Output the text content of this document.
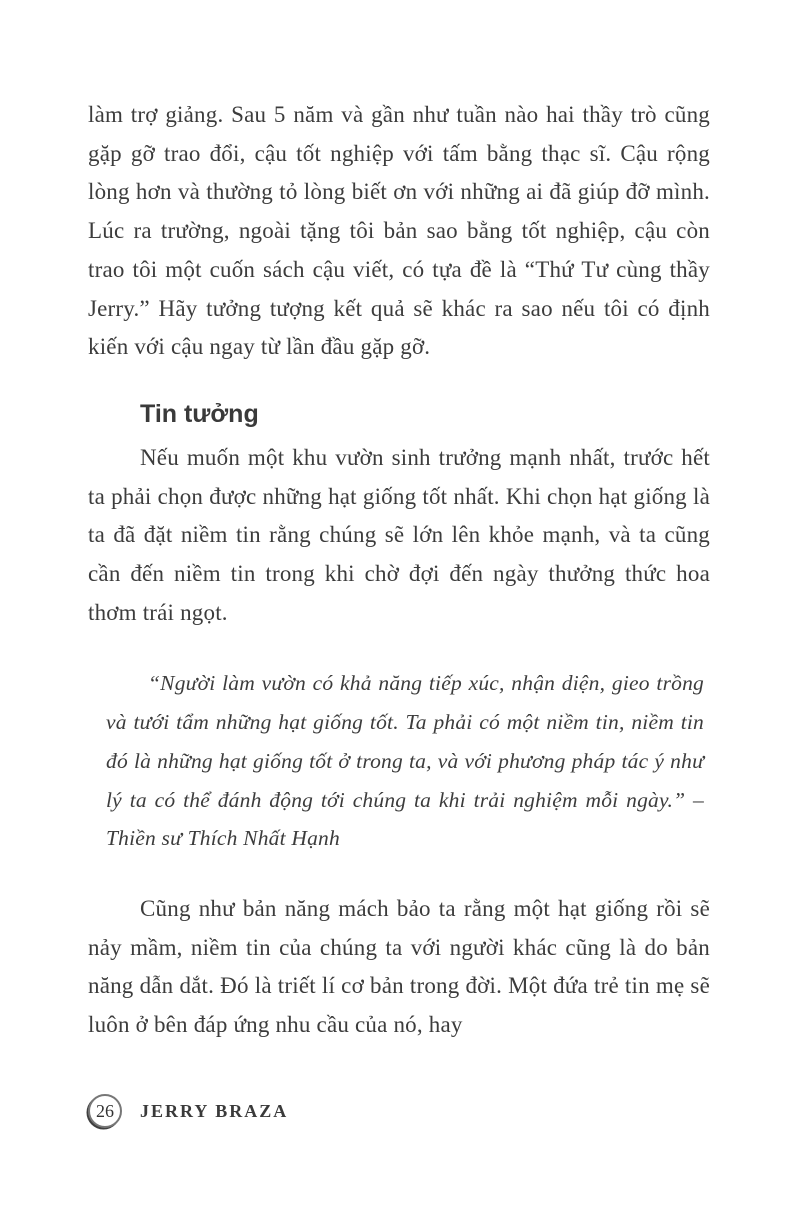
làm trợ giảng. Sau 5 năm và gần như tuần nào hai thầy trò cũng gặp gỡ trao đổi, cậu tốt nghiệp với tấm bằng thạc sĩ. Cậu rộng lòng hơn và thường tỏ lòng biết ơn với những ai đã giúp đỡ mình. Lúc ra trường, ngoài tặng tôi bản sao bằng tốt nghiệp, cậu còn trao tôi một cuốn sách cậu viết, có tựa đề là “Thứ Tư cùng thầy Jerry.” Hãy tưởng tượng kết quả sẽ khác ra sao nếu tôi có định kiến với cậu ngay từ lần đầu gặp gỡ.

Tin tưởng

Nếu muốn một khu vườn sinh trưởng mạnh nhất, trước hết ta phải chọn được những hạt giống tốt nhất. Khi chọn hạt giống là ta đã đặt niềm tin rằng chúng sẽ lớn lên khỏe mạnh, và ta cũng cần đến niềm tin trong khi chờ đợi đến ngày thưởng thức hoa thơm trái ngọt.

“Người làm vườn có khả năng tiếp xúc, nhận diện, gieo trồng và tưới tẩm những hạt giống tốt. Ta phải có một niềm tin, niềm tin đó là những hạt giống tốt ở trong ta, và với phương pháp tác ý như lý ta có thể đánh động tới chúng ta khi trải nghiệm mỗi ngày.” – Thiền sư Thích Nhất Hạnh

Cũng như bản năng mách bảo ta rằng một hạt giống rồi sẽ nảy mầm, niềm tin của chúng ta với người khác cũng là do bản năng dẫn dắt. Đó là triết lí cơ bản trong đời. Một đứa trẻ tin mẹ sẽ luôn ở bên đáp ứng nhu cầu của nó, hay

26	JERRY BRAZA
